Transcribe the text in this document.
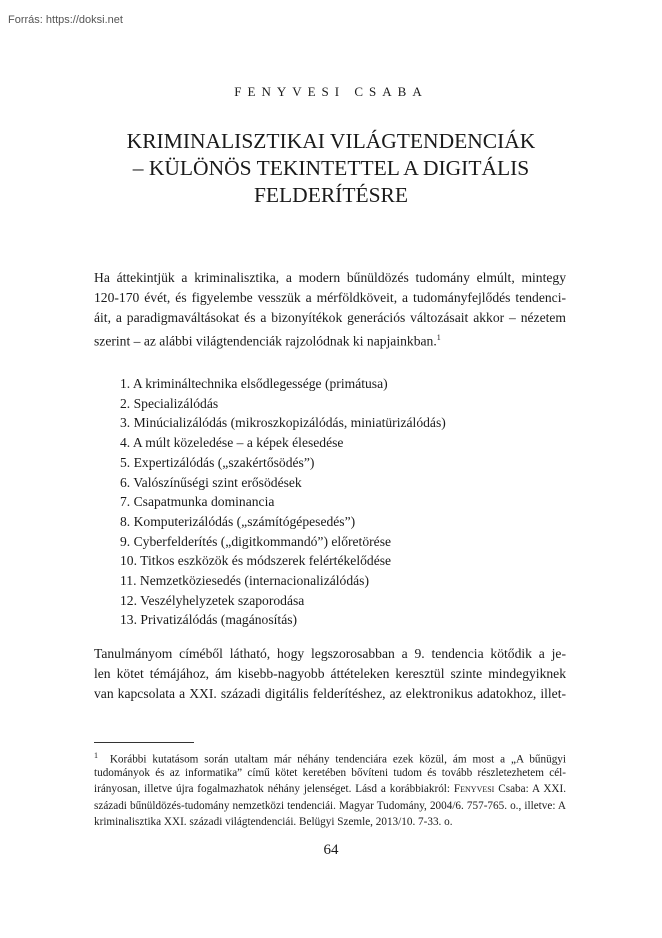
Forrás: https://doksi.net
FENYVESI CSABA
KRIMINALISZTIKAI VILÁGTENDENCIÁK
– KÜLÖNÖS TEKINTETTEL A DIGITÁLIS
FELDERÍTÉSRE
Ha áttekintjük a kriminalisztika, a modern bűnüldözés tudomány elmúlt, mintegy
120-170 évét, és figyelembe vesszük a mérföldköveit, a tudományfejlődés tendenci-
áit, a paradigmaváltásokat és a bizonyítékok generációs változásait akkor – nézetem
szerint – az alábbi világtendenciák rajzolódnak ki napjainkban.$^1$
1. A krimináltechnika elsődlegessége (primátusa)
2. Specializálódás
3. Minúcializálódás (mikroszkopizálódás, miniatürizálódás)
4. A múlt közeledése – a képek élesedése
5. Expertizálódás („szakértősödés”)
6. Valószínűségi szint erősödések
7. Csapatmunka dominancia
8. Komputerizálódás („számítógépesedés”)
9. Cyberfelderítés („digitkommandó”) előretörése
10. Titkos eszközök és módszerek felértékelődése
11. Nemzetköziesedés (internacionalizálódás)
12. Veszélyhelyzetek szaporodása
13. Privatizálódás (magánosítás)
Tanulmányom címéből látható, hogy legszorosabban a 9. tendencia kötődik a je-
len kötet témájához, ám kisebb-nagyobb áttételeken keresztül szinte mindegyiknek
van kapcsolata a XXI. századi digitális felderítéshez, az elektronikus adatokhoz, illet-
$^1$ Korábbi kutatásom során utaltam már néhány tendenciára ezek közül, ám most a „A bűnügyi
tudományok és az informatika” című kötet keretében bővíteni tudom és tovább részletezhetem cél-
irányosan, illetve újra fogalmazhatok néhány jelenséget. Lásd a korábbiakról: Fenyvesi Csaba: A XXI.
századi bűnüldözés-tudomány nemzetközi tendenciái. Magyar Tudomány, 2004/6. 757-765. o., illetve: A
kriminalisztika XXI. századi világtendenciái. Belügyi Szemle, 2013/10. 7-33. o.
64
